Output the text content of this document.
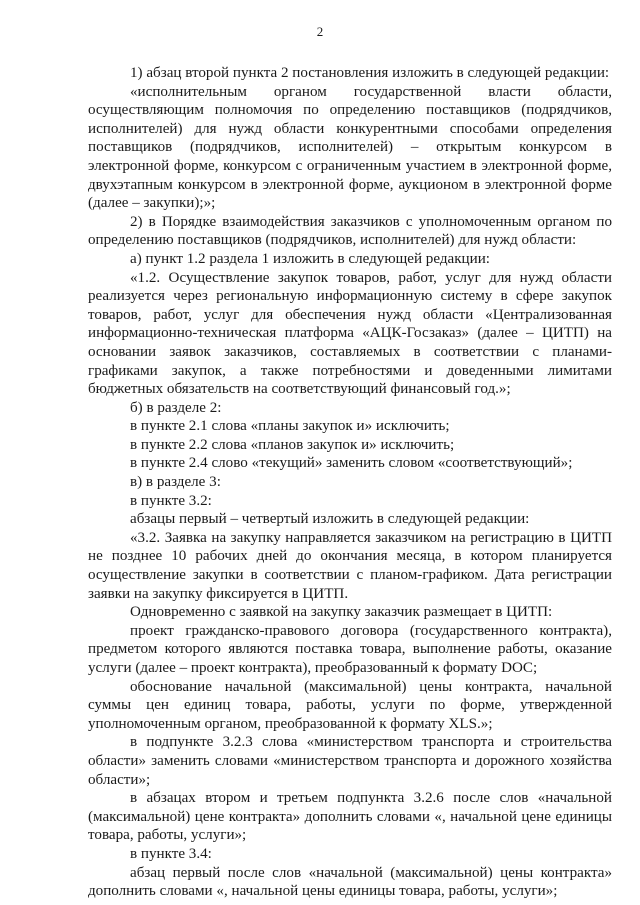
2

1) абзац второй пункта 2 постановления изложить в следующей редакции:

«исполнительным органом государственной власти области, осуществляющим полномочия по определению поставщиков (подрядчиков, исполнителей) для нужд области конкурентными способами определения поставщиков (подрядчиков, исполнителей) – открытым конкурсом в электронной форме, конкурсом с ограниченным участием в электронной форме, двухэтапным конкурсом в электронной форме, аукционом в электронной форме (далее – закупки);»;

2) в Порядке взаимодействия заказчиков с уполномоченным органом по определению поставщиков (подрядчиков, исполнителей) для нужд области:

а) пункт 1.2 раздела 1 изложить в следующей редакции:

«1.2. Осуществление закупок товаров, работ, услуг для нужд области реализуется через региональную информационную систему в сфере закупок товаров, работ, услуг для обеспечения нужд области «Централизованная информационно-техническая платформа «АЦК-Госзаказ» (далее – ЦИТП) на основании заявок заказчиков, составляемых в соответствии с планами-графиками закупок, а также потребностями и доведенными лимитами бюджетных обязательств на соответствующий финансовый год.»;

б) в разделе 2:

в пункте 2.1 слова «планы закупок и» исключить;

в пункте 2.2 слова «планов закупок и» исключить;

в пункте 2.4 слово «текущий» заменить словом «соответствующий»;

в) в разделе 3:

в пункте 3.2:

абзацы первый – четвертый изложить в следующей редакции:

«3.2. Заявка на закупку направляется заказчиком на регистрацию в ЦИТП не позднее 10 рабочих дней до окончания месяца, в котором планируется осуществление закупки в соответствии с планом-графиком. Дата регистрации заявки на закупку фиксируется в ЦИТП.

Одновременно с заявкой на закупку заказчик размещает в ЦИТП:

проект гражданско-правового договора (государственного контракта), предметом которого являются поставка товара, выполнение работы, оказание услуги (далее – проект контракта), преобразованный к формату DOC;

обоснование начальной (максимальной) цены контракта, начальной суммы цен единиц товара, работы, услуги по форме, утвержденной уполномоченным органом, преобразованной к формату XLS.»;

в подпункте 3.2.3 слова «министерством транспорта и строительства области» заменить словами «министерством транспорта и дорожного хозяйства области»;

в абзацах втором и третьем подпункта 3.2.6 после слов «начальной (максимальной) цене контракта» дополнить словами «, начальной цене единицы товара, работы, услуги»;

в пункте 3.4:

абзац первый после слов «начальной (максимальной) цены контракта» дополнить словами «, начальной цены единицы товара, работы, услуги»;
